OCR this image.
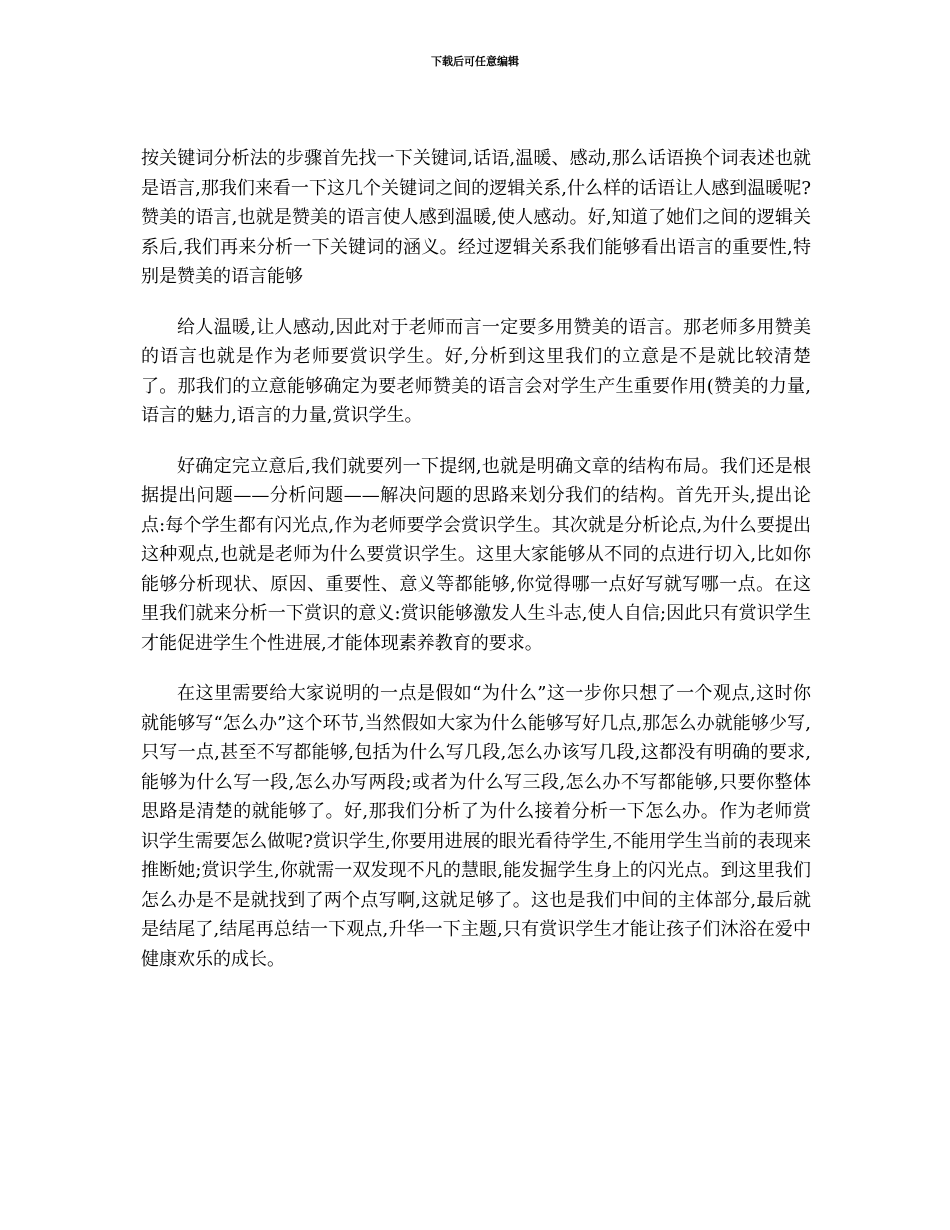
下载后可任意编辑

按关键词分析法的步骤首先找一下关键词,话语,温暖、感动,那么话语换个词表述也就是语言,那我们来看一下这几个关键词之间的逻辑关系,什么样的话语让人感到温暖呢?赞美的语言,也就是赞美的语言使人感到温暖,使人感动。好,知道了她们之间的逻辑关系后,我们再来分析一下关键词的涵义。经过逻辑关系我们能够看出语言的重要性,特别是赞美的语言能够

给人温暖,让人感动,因此对于老师而言一定要多用赞美的语言。那老师多用赞美的语言也就是作为老师要赏识学生。好,分析到这里我们的立意是不是就比较清楚了。那我们的立意能够确定为要老师赞美的语言会对学生产生重要作用(赞美的力量,语言的魅力,语言的力量,赏识学生。

好确定完立意后,我们就要列一下提纲,也就是明确文章的结构布局。我们还是根据提出问题——分析问题——解决问题的思路来划分我们的结构。首先开头,提出论点:每个学生都有闪光点,作为老师要学会赏识学生。其次就是分析论点,为什么要提出这种观点,也就是老师为什么要赏识学生。这里大家能够从不同的点进行切入,比如你能够分析现状、原因、重要性、意义等都能够,你觉得哪一点好写就写哪一点。在这里我们就来分析一下赏识的意义:赏识能够激发人生斗志,使人自信;因此只有赏识学生才能促进学生个性进展,才能体现素养教育的要求。

在这里需要给大家说明的一点是假如“为什么”这一步你只想了一个观点,这时你就能够写“怎么办”这个环节,当然假如大家为什么能够写好几点,那怎么办就能够少写,只写一点,甚至不写都能够,包括为什么写几段,怎么办该写几段,这都没有明确的要求,能够为什么写一段,怎么办写两段;或者为什么写三段,怎么办不写都能够,只要你整体思路是清楚的就能够了。好,那我们分析了为什么接着分析一下怎么办。作为老师赏识学生需要怎么做呢?赏识学生,你要用进展的眼光看待学生,不能用学生当前的表现来推断她;赏识学生,你就需一双发现不凡的慧眼,能发掘学生身上的闪光点。到这里我们怎么办是不是就找到了两个点写啊,这就足够了。这也是我们中间的主体部分,最后就是结尾了,结尾再总结一下观点,升华一下主题,只有赏识学生才能让孩子们沐浴在爱中健康欢乐的成长。
